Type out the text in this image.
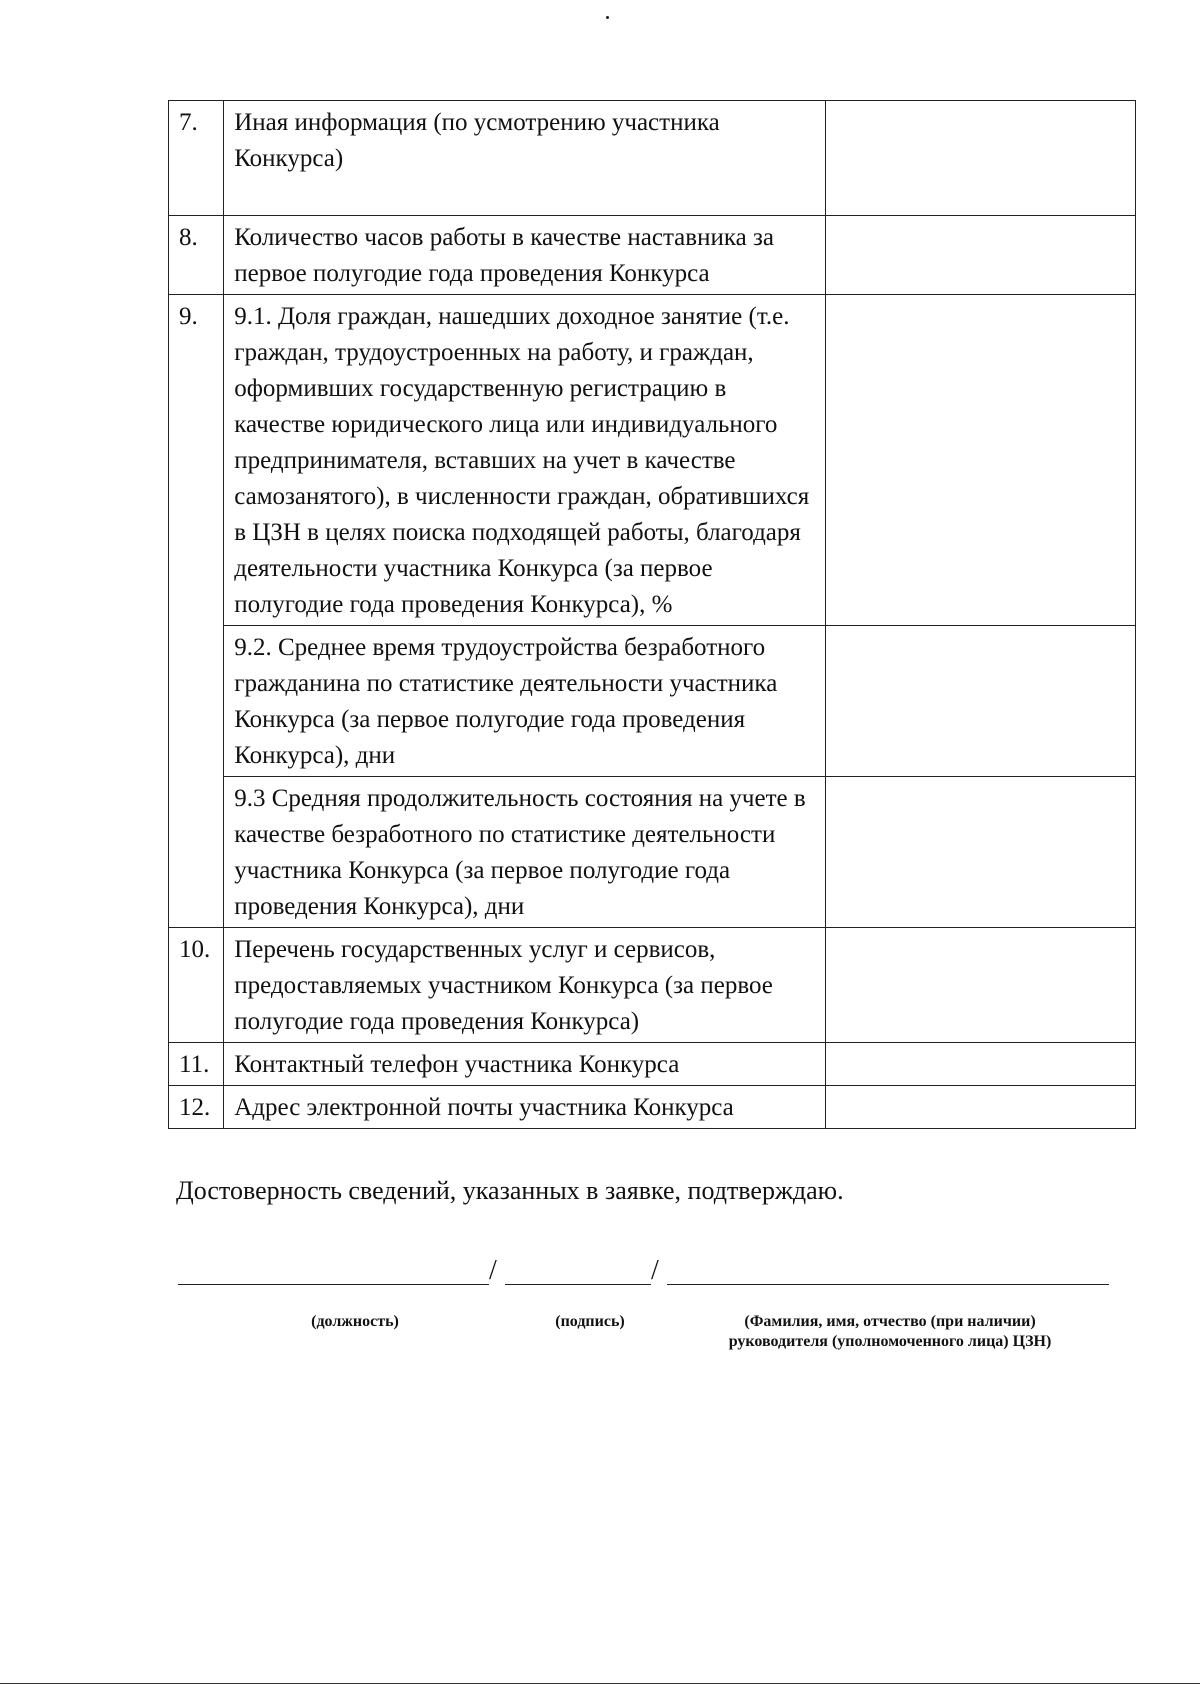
7.	Иная информация (по усмотрению участника Конкурса)	
8.	Количество часов работы в качестве наставника за первое полугодие года проведения Конкурса	
9.	9.1. Доля граждан, нашедших доходное занятие (т.е. граждан, трудоустроенных на работу, и граждан, оформивших государственную регистрацию в качестве юридического лица или индивидуального предпринимателя, вставших на учет в качестве самозанятого), в численности граждан, обратившихся в ЦЗН в целях поиска подходящей работы, благодаря деятельности участника Конкурса (за первое полугодие года проведения Конкурса), %	
	9.2. Среднее время трудоустройства безработного гражданина по статистике деятельности участника Конкурса (за первое полугодие года проведения Конкурса), дни	
	9.3 Средняя продолжительность состояния на учете в качестве безработного по статистике деятельности участника Конкурса (за первое полугодие года проведения Конкурса), дни	
10.	Перечень государственных услуг и сервисов, предоставляемых участником Конкурса (за первое полугодие года проведения Конкурса)	
11.	Контактный телефон участника Конкурса	
12.	Адрес электронной почты участника Конкурса	
Достоверность сведений, указанных в заявке, подтверждаю.
/	/
(должность)	(подпись)	(Фамилия, имя, отчество (при наличии)
руководителя (уполномоченного лица) ЦЗН)
